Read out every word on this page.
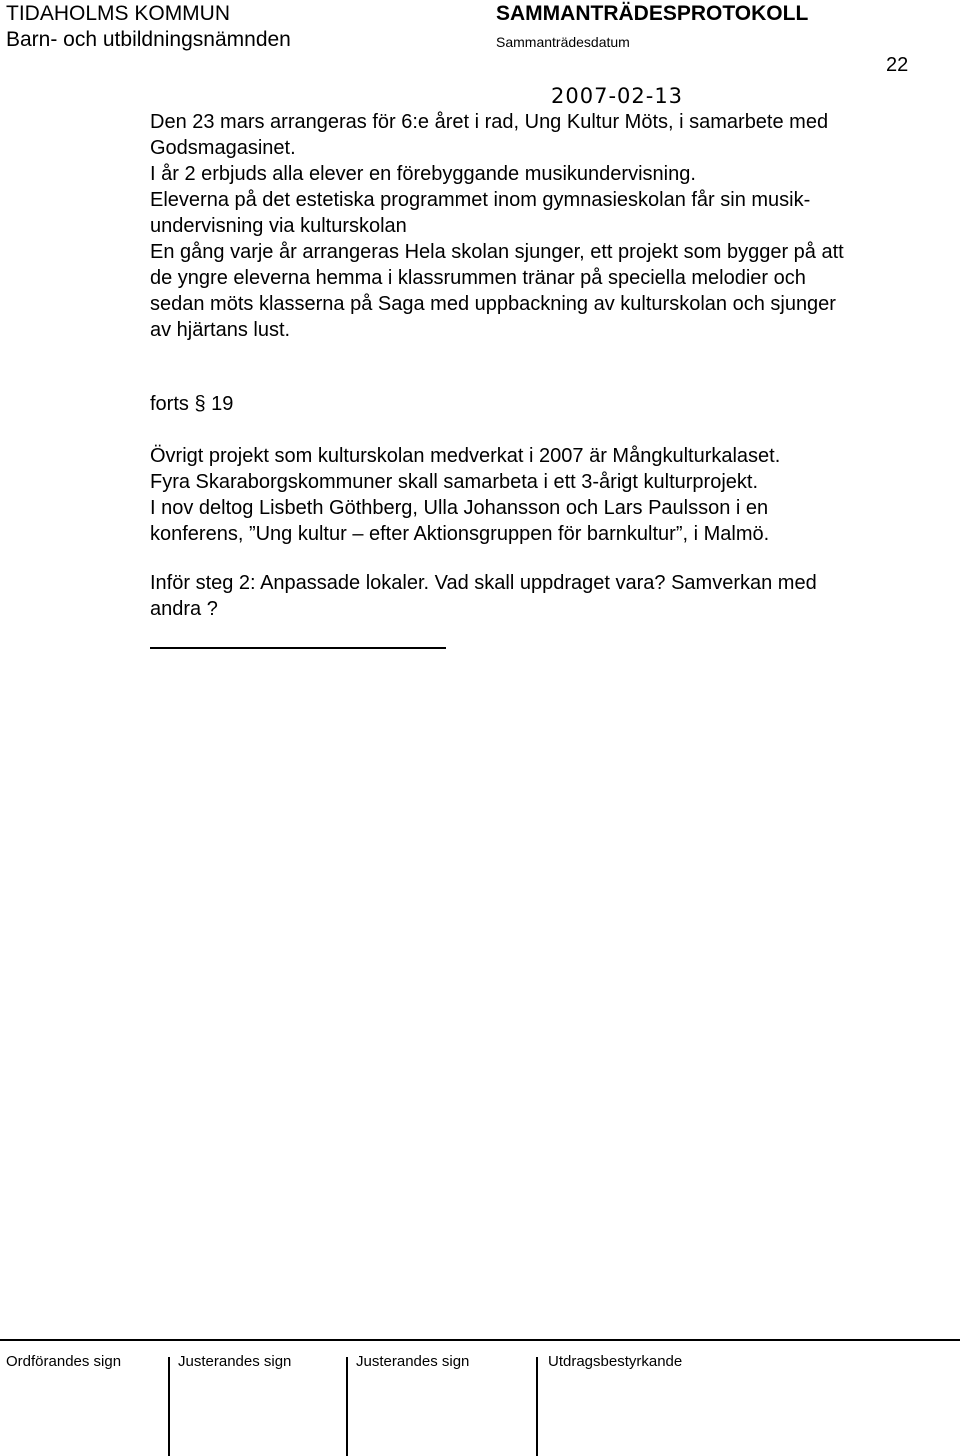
TIDAHOLMS KOMMUN
Barn- och utbildningsnämnden
SAMMANTRÄDESPROTOKOLL
Sammanträdesdatum
22
2007-02-13
Den 23 mars arrangeras för 6:e året i rad, Ung Kultur Möts, i samarbete med
Godsmagasinet.
I år 2 erbjuds alla elever en förebyggande musikundervisning.
Eleverna på det estetiska programmet inom gymnasieskolan får sin musik-
undervisning via kulturskolan
En gång varje år arrangeras Hela skolan sjunger, ett projekt som bygger på att
de yngre eleverna hemma i klassrummen tränar på speciella melodier och
sedan möts klasserna på Saga med uppbackning av kulturskolan och sjunger
av hjärtans lust.
forts § 19
Övrigt projekt som kulturskolan medverkat i 2007 är Mångkulturkalaset.
Fyra Skaraborgskommuner skall samarbeta i ett 3-årigt kulturprojekt.
I nov deltog Lisbeth Göthberg, Ulla Johansson och Lars Paulsson i en
konferens, ”Ung kultur – efter Aktionsgruppen för barnkultur”, i Malmö.
Inför steg 2: Anpassade lokaler. Vad skall uppdraget vara? Samverkan med
andra ?
Ordförandes sign	Justerandes sign	Justerandes sign	Utdragsbestyrkande
